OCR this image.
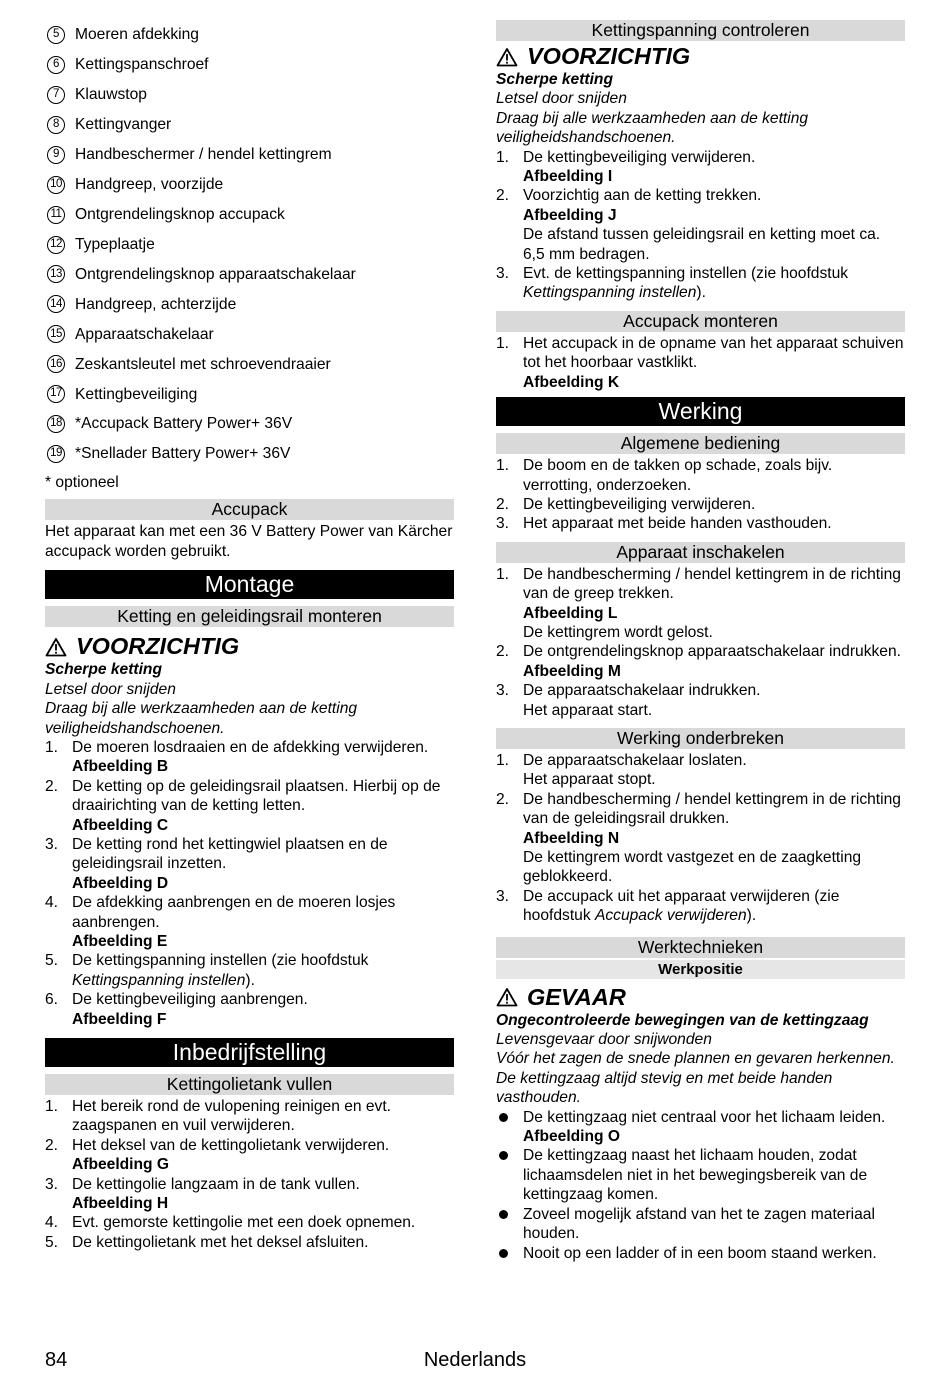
5	Moeren afdekking
6	Kettingspanschroef
7	Klauwstop
8	Kettingvanger
9	Handbeschermer / hendel kettingrem
10 Handgreep, voorzijde
11 Ontgrendelingsknop accupack
12 Typeplaatje
13 Ontgrendelingsknop apparaatschakelaar
14 Handgreep, achterzijde
15 Apparaatschakelaar
16 Zeskantsleutel met schroevendraaier
17 Kettingbeveiliging
18 *Accupack Battery Power+ 36V
19 *Snellader Battery Power+ 36V
* optioneel
Accupack
Het apparaat kan met een 36 V Battery Power van Kärcher accupack worden gebruikt.
Montage
Ketting en geleidingsrail monteren
VOORZICHTIG
Scherpe ketting
Letsel door snijden
Draag bij alle werkzaamheden aan de ketting veiligheidshandschoenen.
1. De moeren losdraaien en de afdekking verwijderen.
Afbeelding B
2. De ketting op de geleidingsrail plaatsen. Hierbij op de draairichting van de ketting letten.
Afbeelding C
3. De ketting rond het kettingwiel plaatsen en de geleidingsrail inzetten.
Afbeelding D
4. De afdekking aanbrengen en de moeren losjes aanbrengen.
Afbeelding E
5. De kettingspanning instellen (zie hoofdstuk Kettingspanning instellen).
6. De kettingbeveiliging aanbrengen.
Afbeelding F
Inbedrijfstelling
Kettingolietank vullen
1. Het bereik rond de vulopening reinigen en evt. zaagspanen en vuil verwijderen.
2. Het deksel van de kettingolietank verwijderen.
Afbeelding G
3. De kettingolie langzaam in de tank vullen.
Afbeelding H
4. Evt. gemorste kettingolie met een doek opnemen.
5. De kettingolietank met het deksel afsluiten.
Kettingspanning controleren
VOORZICHTIG
Scherpe ketting
Letsel door snijden
Draag bij alle werkzaamheden aan de ketting veiligheidshandschoenen.
1. De kettingbeveiliging verwijderen.
Afbeelding I
2. Voorzichtig aan de ketting trekken.
Afbeelding J
De afstand tussen geleidingsrail en ketting moet ca. 6,5 mm bedragen.
3. Evt. de kettingspanning instellen (zie hoofdstuk Kettingspanning instellen).
Accupack monteren
1. Het accupack in de opname van het apparaat schuiven tot het hoorbaar vastklikt.
Afbeelding K
Werking
Algemene bediening
1. De boom en de takken op schade, zoals bijv. verrotting, onderzoeken.
2. De kettingbeveiliging verwijderen.
3. Het apparaat met beide handen vasthouden.
Apparaat inschakelen
1. De handbescherming / hendel kettingrem in de richting van de greep trekken.
Afbeelding L
De kettingrem wordt gelost.
2. De ontgrendelingsknop apparaatschakelaar indrukken.
Afbeelding M
3. De apparaatschakelaar indrukken.
Het apparaat start.
Werking onderbreken
1. De apparaatschakelaar loslaten.
Het apparaat stopt.
2. De handbescherming / hendel kettingrem in de richting van de geleidingsrail drukken.
Afbeelding N
De kettingrem wordt vastgezet en de zaagketting geblokkeerd.
3. De accupack uit het apparaat verwijderen (zie hoofdstuk Accupack verwijderen).
Werktechnieken
Werkpositie
GEVAAR
Ongecontroleerde bewegingen van de kettingzaag
Levensgevaar door snijwonden
Vóór het zagen de snede plannen en gevaren herkennen.
De kettingzaag altijd stevig en met beide handen vasthouden.
De kettingzaag niet centraal voor het lichaam leiden.
Afbeelding O
De kettingzaag naast het lichaam houden, zodat lichaamsdelen niet in het bewegingsbereik van de kettingzaag komen.
Zoveel mogelijk afstand van het te zagen materiaal houden.
Nooit op een ladder of in een boom staand werken.
84	Nederlands
